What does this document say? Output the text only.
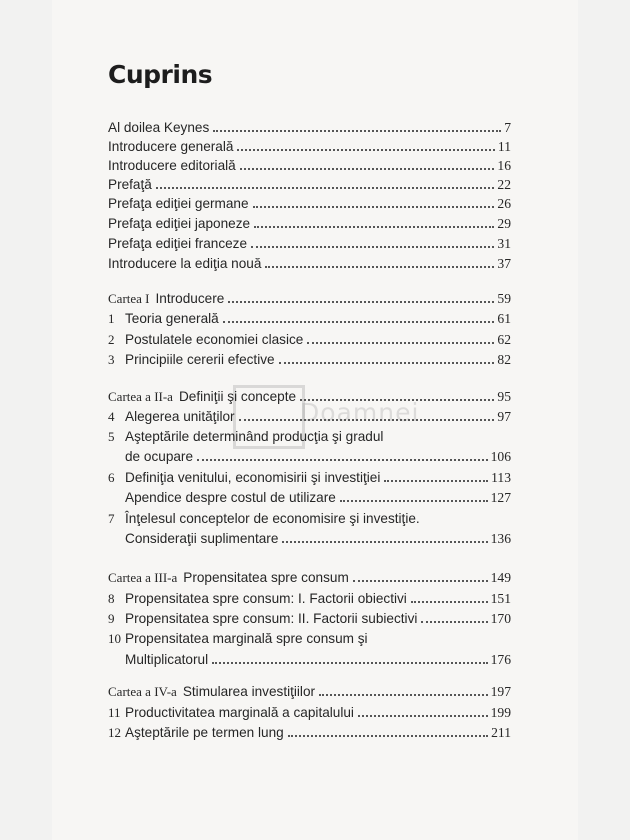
Doamnei
Cuprins
Al doilea Keynes	7
Introducere generală	11
Introducere editorială	16
Prefaţă	22
Prefaţa ediţiei germane	26
Prefaţa ediţiei japoneze	29
Prefaţa ediţiei franceze	31
Introducere la ediţia nouă	37
Cartea I Introducere	59
1 Teoria generală	61
2 Postulatele economiei clasice	62
3 Principiile cererii efective	82
Cartea a II-a Definiţii şi concepte	95
4 Alegerea unităţilor	97
5 Aşteptările determinând producţia şi gradul
de ocupare	106
6 Definiţia venitului, economisirii şi investiţiei	113
Apendice despre costul de utilizare	127
7 Înţelesul conceptelor de economisire şi investiţie.
Consideraţii suplimentare	136
Cartea a III-a Propensitatea spre consum	149
8 Propensitatea spre consum: I. Factorii obiectivi	151
9 Propensitatea spre consum: II. Factorii subiectivi	170
10 Propensitatea marginală spre consum şi
Multiplicatorul	176
Cartea a IV-a Stimularea investiţiilor	197
11 Productivitatea marginală a capitalului	199
12 Aşteptările pe termen lung	211
